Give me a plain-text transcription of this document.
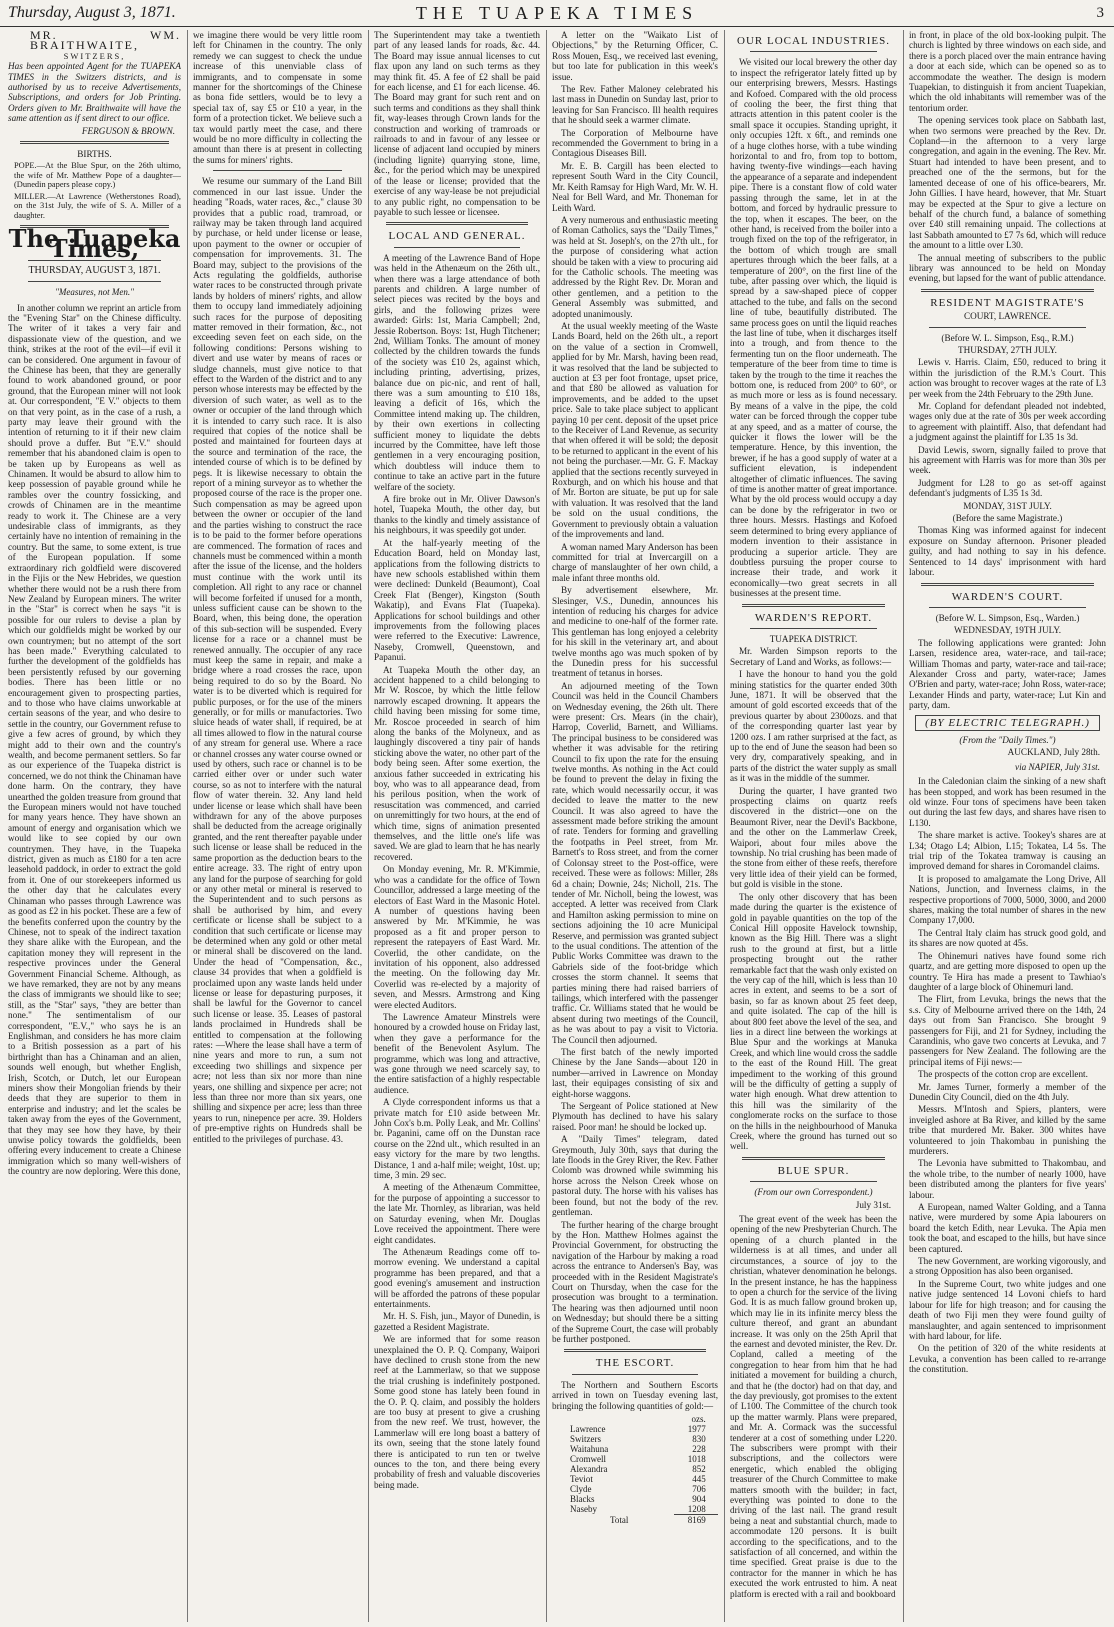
Thursday, August 3, 1871.	THE TUAPEKA TIMES	3
MR. WM. BRAITHWAITE,
SWITZERS,

Has been appointed Agent for the TUAPEKA TIMES in the Switzers districts, and is authorised by us to receive Advertisements, Subscriptions, and orders for Job Printing. Orders given to Mr. Braithwaite will have the same attention as if sent direct to our office.

FERGUSON & BROWN.
BIRTHS.

POPE.—At the Blue Spur, on the 26th ultimo, the wife of Mr. Matthew Pope of a daughter—(Dunedin papers please copy.)

MILLER.—At Lawrence (Wetherstones Road), on the 31st July, the wife of S. A. Miller of a daughter.

The Tuapeka Times,
THURSDAY, AUGUST 3, 1871.
"Measures, not Men."

In another column we reprint an article from the "Evening Star" on the Chinese difficulty. The writer of it takes a very fair and dispassionate view of the question, and we think, strikes at the root of the evil—if evil it can be considered. One argument in favour of the Chinese has been, that they are generally found to work abandoned ground, or poor ground, that the European miner will not look at. Our correspondent, "E V." objects to them on that very point, as in the case of a rush, a party may leave their ground with the intention of returning to it if their new claim should prove a duffer. But "E.V." should remember that his abandoned claim is open to be taken up by Europeans as well as Chinamen. It would be absurd to allow him to keep possession of payable ground while he rambles over the country fossicking, and crowds of Chinamen are in the meantime ready to work it. The Chinese are a very undesirable class of immigrants, as they certainly have no intention of remaining in the country. But the same, to some extent, is true of the European population. If some extraordinary rich goldfield were discovered in the Fijis or the New Hebrides, we question whether there would not be a rush there from New Zealand by European miners. The writer in the "Star" is correct when he says "it is possible for our rulers to devise a plan by which our goldfields might be worked by our own countrymen; but no attempt of the sort has been made." Everything calculated to further the development of the goldfields has been persistently refused by our governing bodies. There has been little or no encouragement given to prospecting parties, and to those who have claims unworkable at certain seasons of the year, and who desire to settle in the country, our Government refuse to give a few acres of ground, by which they might add to their own and the country's wealth, and become permanent settlers. So far as our experience of the Tuapeka district is concerned, we do not think the Chinaman have done harm. On the contrary, they have unearthed the golden treasure from ground that the European miners would not have touched for many years hence. They have shown an amount of energy and organisation which we would like to see copied by our own countrymen. They have, in the Tuapeka district, given as much as £180 for a ten acre leasehold paddock, in order to extract the gold from it. One of our storekeepers informed us the other day that he calculates every Chinaman who passes through Lawrence was as good as £2 in his pocket. These are a few of the benefits conferred upon the country by the Chinese, not to speak of the indirect taxation they share alike with the European, and the capitation money they will represent in the respective provinces under the General Government Financial Scheme. Although, as we have remarked, they are not by any means the class of immigrants we should like to see; still, as the "Star" says, "they are better than none." The sentimentalism of our correspondent, "E.V.," who says he is an Englishman, and considers he has more claim to a British possession as a part of his birthright than has a Chinaman and an alien, sounds well enough, but whether English, Irish, Scotch, or Dutch, let our European miners show their Mongolian friends by their deeds that they are superior to them in enterprise and industry; and let the scales be taken away from the eyes of the Government, that they may see how they have, by their unwise policy towards the goldfields, been offering every inducement to create a Chinese immigration which so many well-wishers of the country are now deploring. Were this done,

we imagine there would be very little room left for Chinamen in the country. The only remedy we can suggest to check the undue increase of this unenviable class of immigrants, and to compensate in some manner for the shortcomings of the Chinese as bona fide settlers, would be to levy a special tax of, say £5 or £10 a year, in the form of a protection ticket. We believe such a tax would partly meet the case, and there would be no more difficulty in collecting the amount than there is at present in collecting the sums for miners' rights.

We resume our summary of the Land Bill commenced in our last issue. Under the heading "Roads, water races, &c.," clause 30 provides that a public road, tramroad, or railway may be taken through land acquired by purchase, or held under license or lease, upon payment to the owner or occupier of compensation for improvements. 31. The Board may, subject to the provisions of the Acts regulating the goldfields, authorise water races to be constructed through private lands by holders of miners' rights, and allow them to occupy land immediately adjoining such races for the purpose of depositing matter removed in their formation, &c., not exceeding seven feet on each side, on the following conditions: Persons wishing to divert and use water by means of races or sludge channels, must give notice to that effect to the Warden of the district and to any person whose interests may be effected by the diversion of such water, as well as to the owner or occupier of the land through which it is intended to carry such race. It is also required that copies of the notice shall be posted and maintained for fourteen days at the source and termination of the race, the intended course of which is to be defined by pegs. It is likewise necessary to obtain the report of a mining surveyor as to whether the proposed course of the race is the proper one. Such compensation as may be agreed upon between the owner or occupier of the land and the parties wishing to construct the race is to be paid to the former before operations are commenced. The formation of races and channels must be commenced within a month after the issue of the license, and the holders must continue with the work until its completion. All right to any race or channel will become forfeited if unused for a month, unless sufficient cause can be shown to the Board, when, this being done, the operation of this sub-section will be suspended. Every license for a race or a channel must be renewed annually. The occupier of any race must keep the same in repair, and make a bridge where a road crosses the race, upon being required to do so by the Board. No water is to be diverted which is required for public purposes, or for the use of the miners generally, or for mills or manufactories. Two sluice heads of water shall, if required, be at all times allowed to flow in the natural course of any stream for general use. Where a race or channel crosses any water course owned or used by others, such race or channel is to be carried either over or under such water course, so as not to interfere with the natural flow of water therein. 32. Any land held under license or lease which shall have been withdrawn for any of the above purposes shall be deducted from the acreage originally granted, and the rent thereafter payable under such license or lease shall be reduced in the same proportion as the deduction bears to the entire acreage. 33. The right of entry upon any land for the purpose of searching for gold or any other metal or mineral is reserved to the Superintendent and to such persons as shall be authorised by him, and every certificate or license shall be subject to a condition that such certificate or license may be determined when any gold or other metal or mineral shall be discovered on the land. Under the head of "Compensation, &c., clause 34 provides that when a goldfield is proclaimed upon any waste lands held under license or lease for depasturing purposes, it shall be lawful for the Governor to cancel such license or lease. 35. Leases of pastoral lands proclaimed in Hundreds shall be entitled to compensation at the following rates: —Where the lease shall have a term of nine years and more to run, a sum not exceeding two shillings and sixpence per acre; not less than six nor more than nine years, one shilling and sixpence per acre; not less than three nor more than six years, one shilling and sixpence per acre; less than three years to run, ninepence per acre. 39. Holders of pre-emptive rights on Hundreds shall be entitled to the privileges of purchase. 43.

The Superintendent may take a twentieth part of any leased lands for roads, &c. 44. The Board may issue annual licenses to cut flax upon any land on such terms as they may think fit. 45. A fee of £2 shall be paid for each license, and £1 for each license. 46. The Board may grant for such rent and on such terms and conditions as they shall think fit, way-leases through Crown lands for the construction and working of tramroads or railroads to and in favour of any lessee or license of adjacent land occupied by miners (including lignite) quarrying stone, lime, &c., for the period which may be unexpired of the lease or license; provided that the exercise of any way-lease be not prejudicial to any public right, no compensation to be payable to such lessee or licensee.

LOCAL AND GENERAL.

A meeting of the Lawrence Band of Hope was held in the Athenæum on the 26th ult., when there was a large attendance of both parents and children. A large number of select pieces was recited by the boys and girls, and the following prizes were awarded: Girls: 1st, Maria Campbell; 2nd, Jessie Robertson. Boys: 1st, Hugh Titchener; 2nd, William Tonks. The amount of money collected by the children towards the funds of the society was £10 2s, against which, including printing, advertising, prizes, balance due on pic-nic, and rent of hall, there was a sum amounting to £10 18s, leaving a deficit of 16s, which the Committee intend making up. The children, by their own exertions in collecting sufficient money to liquidate the debts incurred by the Committee, have left those gentlemen in a very encouraging position, which doubtless will induce them to continue to take an active part in the future welfare of the society.

A fire broke out in Mr. Oliver Dawson's hotel, Tuapeka Mouth, the other day, but thanks to the kindly and timely assistance of his neighbours, it was speedily got under.

At the half-yearly meeting of the Education Board, held on Monday last, applications from the following districts to have new schools established within them were declined: Dunkeld (Beaumont), Coal Creek Flat (Benger), Kingston (South Wakatip), and Evans Flat (Tuapeka). Applications for school buildings and other improvements from the following places were referred to the Executive: Lawrence, Naseby, Cromwell, Queenstown, and Papanui.

At Tuapeka Mouth the other day, an accident happened to a child belonging to Mr W. Roscoe, by which the little fellow narrowly escaped drowning. It appears the child having been missing for some time, Mr. Roscoe proceeded in search of him along the banks of the Molyneux, and as laughingly discovered a tiny pair of hands sticking above the water, no other part of the body being seen. After some exertion, the anxious father succeeded in extricating his boy, who was to all appearance dead, from his perilous position, when the work of resuscitation was commenced, and carried on unremittingly for two hours, at the end of which time, signs of animation presented themselves, and the little one's life was saved. We are glad to learn that he has nearly recovered.

On Monday evening, Mr. R. M'Kimmie, who was a candidate for the office of Town Councillor, addressed a large meeting of the electors of East Ward in the Masonic Hotel. A number of questions having been answered by Mr. M'Kimmie, he was proposed as a fit and proper person to represent the ratepayers of East Ward. Mr. Coverlid, the other candidate, on the invitation of his opponent, also addressed the meeting. On the following day Mr. Coverlid was re-elected by a majority of seven, and Messrs. Armstrong and King were elected Auditors.

The Lawrence Amateur Minstrels were honoured by a crowded house on Friday last, when they gave a performance for the benefit of the Benevolent Asylum. The programme, which was long and attractive, was gone through we need scarcely say, to the entire satisfaction of a highly respectable audience.

A Clyde correspondent informs us that a private match for £10 aside between Mr. John Cox's b.m. Polly Leak, and Mr. Collins' br. Paganini, came off on the Dunstan race course on the 22nd ult., which resulted in an easy victory for the mare by two lengths. Distance, 1 and a-half mile; weight, 10st. up; time, 3 min. 29 sec.

A meeting of the Athenæum Committee, for the purpose of appointing a successor to the late Mr. Thornley, as librarian, was held on Saturday evening, when Mr. Douglas Love received the appointment. There were eight candidates.

The Athenæum Readings come off to-morrow evening. We understand a capital programme has been prepared, and that a good evening's amusement and instruction will be afforded the patrons of these popular entertainments.

Mr. H. S. Fish, jun., Mayor of Dunedin, is gazetted a Resident Magistrate.

We are informed that for some reason unexplained the O. P. Q. Company, Waipori have declined to crush stone from the new reef at the Lammerlaw, so that we suppose the trial crushing is indefinitely postponed. Some good stone has lately been found in the O. P. Q. claim, and possibly the holders are too busy at present to give a crushing from the new reef. We trust, however, the Lammerlaw will ere long boast a battery of its own, seeing that the stone lately found there is anticipated to run ten or twelve ounces to the ton, and there being every probability of fresh and valuable discoveries being made.

A letter on the "Waikato List of Objections," by the Returning Officer, C. Ross Mouen, Esq., we received last evening, but too late for publication in this week's issue.

The Rev. Father Maloney celebrated his last mass in Dunedin on Sunday last, prior to leaving for San Francisco. Ill health requires that he should seek a warmer climate.

The Corporation of Melbourne have recommended the Government to bring in a Contagious Diseases Bill.

Mr. E. B. Cargill has been elected to represent South Ward in the City Council, Mr. Keith Ramsay for High Ward, Mr. W. H. Neal for Bell Ward, and Mr. Thoneman for Leith Ward.

A very numerous and enthusiastic meeting of Roman Catholics, says the "Daily Times," was held at St. Joseph's, on the 27th ult., for the purpose of considering what action should be taken with a view to procuring aid for the Catholic schools. The meeting was addressed by the Right Rev. Dr. Moran and other gentlemen, and a petition to the General Assembly was submitted, and adopted unanimously.

At the usual weekly meeting of the Waste Lands Board, held on the 26th ult., a report on the value of a section in Cromwell, applied for by Mr. Marsh, having been read, it was resolved that the land be subjected to auction at £3 per foot frontage, upset price, and that £80 be allowed as valuation for improvements, and be added to the upset price. Sale to take place subject to applicant paying 10 per cent. deposit of the upset price to the Receiver of Land Revenue, as security that when offered it will be sold; the deposit to be returned to applicant in the event of his not being the purchaser.—Mr. G. F. Mackay applied that the sections recently surveyed in Roxburgh, and on which his house and that of Mr. Borton are situate, be put up for sale with valuation. It was resolved that the land be sold on the usual conditions, the Government to previously obtain a valuation of the improvements and land.

A woman named Mary Anderson has been committed for trial at Invercargill on a charge of manslaughter of her own child, a male infant three months old.

By advertisement elsewhere, Mr. Slesinger, V.S., Dunedin, announces his intention of reducing his charges for advice and medicine to one-half of the former rate. This gentleman has long enjoyed a celebrity for his skill in the veterinary art, and about twelve months ago was much spoken of by the Dunedin press for his successful treatment of tetanus in horses.

An adjourned meeting of the Town Council was held in the Council Chambers on Wednesday evening, the 26th ult. There were present: Crs. Mears (in the chair), Harrop, Coverlid, Barnett, and Williams. The principal business to be considered was whether it was advisable for the retiring Council to fix upon the rate for the ensuing twelve months. As nothing in the Act could be found to prevent the delay in fixing the rate, which would necessarily occur, it was decided to leave the matter to the new Council. It was also agreed to have the assessment made before striking the amount of rate. Tenders for forming and gravelling the footpaths in Peel street, from Mr. Barnett's to Ross street, and from the corner of Colonsay street to the Post-office, were received. These were as follows: Miller, 28s 6d a chain; Downie, 24s; Nicholl, 21s. The tender of Mr. Nicholl, being the lowest, was accepted. A letter was received from Clark and Hamilton asking permission to mine on sections adjoining the 10 acre Municipal Reserve, and permission was granted subject to the usual conditions. The attention of the Public Works Committee was drawn to the Gabriels side of the foot-bridge which crosses the storm channel. It seems that parties mining there had raised barriers of tailings, which interfered with the passenger traffic. Cr. Williams stated that he would be absent during two meetings of the Council, as he was about to pay a visit to Victoria. The Council then adjourned.

The first batch of the newly imported Chinese by the Jane Sands—about 120 in number—arrived in Lawrence on Monday last, their equipages consisting of six and eight-horse waggons.

The Sergeant of Police stationed at New Plymouth has declined to have his salary raised. Poor man! he should be locked up.

A "Daily Times" telegram, dated Greymouth, July 30th, says that during the late floods in the Grey River, the Rev. Father Colomb was drowned while swimming his horse across the Nelson Creek whose on pastoral duty. The horse with his valises has been found, but not the body of the rev. gentleman.

The further hearing of the charge brought by the Hon. Matthew Holmes against the Provincial Government, for obstructing the navigation of the Harbour by making a road across the entrance to Andersen's Bay, was proceeded with in the Resident Magistrate's Court on Thursday, when the case for the prosecution was brought to a termination. The hearing was then adjourned until noon on Wednesday; but should there be a sitting of the Supreme Court, the case will probably be further postponed.

THE ESCORT.

The Northern and Southern Escorts arrived in town on Tuesday evening last, bringing the following quantities of gold:—

	ozs.	
Lawrence	1977	
Switzers	830	
Waitahuna	228	
Cromwell	1018	
Alexandra	852	
Teviot	445	
Clyde	706	
Blacks	904	
Naseby	1208	
Total	8169	
OUR LOCAL INDUSTRIES.

We visited our local brewery the other day to inspect the refrigerator lately fitted up by our enterprising brewers, Messrs. Hastings and Kofoed. Compared with the old process of cooling the beer, the first thing that attracts attention in this patent cooler is the small space it occupies. Standing upright, it only occupies 12ft. x 6ft., and reminds one of a huge clothes horse, with a tube winding horizontal to and fro, from top to bottom, having twenty-five windings—each having the appearance of a separate and independent pipe. There is a constant flow of cold water passing through the same, let in at the bottom, and forced by hydraulic pressure to the top, when it escapes. The beer, on the other hand, is received from the boiler into a trough fixed on the top of the refrigerator, in the bottom of which trough are small apertures through which the beer falls, at a temperature of 200°, on the first line of the tube, after passing over which, the liquid is spread by a saw-shaped piece of copper attached to the tube, and falls on the second line of tube, beautifully distributed. The same process goes on until the liquid reaches the last line of tube, when it discharges itself into a trough, and from thence to the fermenting tun on the floor underneath. The temperature of the beer from time to time is taken by the trough to the time it reaches the bottom one, is reduced from 200° to 60°, or as much more or less as is found necessary. By means of a valve in the pipe, the cold water can be forced through the copper tube at any speed, and as a matter of course, the quicker it flows the lower will be the temperature. Hence, by this invention, the brewer, if he has a good supply of water at a sufficient elevation, is independent altogether of climatic influences. The saving of time is another matter of great importance. What by the old process would occupy a day can be done by the refrigerator in two or three hours. Messrs. Hastings and Kofoed seem determined to bring every appliance of modern invention to their assistance in producing a superior article. They are doubtless pursuing the proper course to increase their trade, and work it economically—two great secrets in all businesses at the present time.

WARDEN'S REPORT.
TUAPEKA DISTRICT.

Mr. Warden Simpson reports to the Secretary of Land and Works, as follows:—

I have the honour to hand you the gold mining statistics for the quarter ended 30th June, 1871. It will be observed that the amount of gold escorted exceeds that of the previous quarter by about 2300ozs. and that of the corresponding quarter last year by 1200 ozs. I am rather surprised at the fact, as up to the end of June the season had been so very dry, comparatively speaking, and in parts of the district the water supply as small as it was in the middle of the summer.

During the quarter, I have granted two prospecting claims on quartz reefs discovered in the district—one on the Beaumont River, near the Devil's Backbone, and the other on the Lammerlaw Creek, Waipori, about four miles above the township. No trial crushing has been made of the stone from either of these reefs, therefore very little idea of their yield can be formed, but gold is visible in the stone.

The only other discovery that has been made during the quarter is the existence of gold in payable quantities on the top of the Conical Hill opposite Havelock township, known as the Big Hill. There was a slight rush to the ground at first, but a little prospecting brought out the rather remarkable fact that the wash only existed on the very cap of the hill, which is less than 10 acres in extent, and seems to be a sort of basin, so far as known about 25 feet deep, and quite isolated. The cap of the hill is about 800 feet above the level of the sea, and lies in a direct line between the workings at Blue Spur and the workings at Manuka Creek, and which line would cross the saddle to the east of the Round Hill. The great impediment to the working of this ground will be the difficulty of getting a supply of water high enough. What drew attention to this hill was the similarity of the conglomerate rocks on the surface to those on the hills in the neighbourhood of Manuka Creek, where the ground has turned out so well.

BLUE SPUR.
(From our own Correspondent.)
July 31st.

The great event of the week has been the opening of the new Presbyterian Church. The opening of a church planted in the wilderness is at all times, and under all circumstances, a source of joy to the christian, whatever denomination he belongs. In the present instance, he has the happiness to open a church for the service of the living God. It is as much fallow ground broken up, which may lie in its infinite mercy bless the culture thereof, and grant an abundant increase. It was only on the 25th April that the earnest and devoted minister, the Rev. Dr. Copland, called a meeting of the congregation to hear from him that he had initiated a movement for building a church, and that he (the doctor) had on that day, and the day previously, got promises to the extent of L100. The Committee of the church took up the matter warmly. Plans were prepared, and Mr. A. Cormack was the successful tenderer at a cost of something under L220. The subscribers were prompt with their subscriptions, and the collectors were energetic, which enabled the obliging treasurer of the Church Committee to make matters smooth with the builder; in fact, everything was pointed to done to the driving of the last nail. The grand result being a neat and substantial church, made to accommodate 120 persons. It is built according to the specifications, and to the satisfaction of all concerned, and within the time specified. Great praise is due to the contractor for the manner in which he has executed the work entrusted to him. A neat platform is erected with a rail and bookboard

in front, in place of the old box-looking pulpit. The church is lighted by three windows on each side, and there is a porch placed over the main entrance having a door at each side, which can be opened so as to accommodate the weather. The design is modern Tuapekian, to distinguish it from ancient Tuapekian, which the old inhabitants will remember was of the tentorium order.

The opening services took place on Sabbath last, when two sermons were preached by the Rev. Dr. Copland—in the afternoon to a very large congregation, and again in the evening. The Rev. Mr. Stuart had intended to have been present, and to preached one of the the sermons, but for the lamented decease of one of his office-bearers, Mr. John Gillies. I have heard, however, that Mr. Stuart may be expected at the Spur to give a lecture on behalf of the church fund, a balance of something over £40 still remaining unpaid. The collections at last Sabbath amounted to £7 7s 6d, which will reduce the amount to a little over L30.

The annual meeting of subscribers to the public library was announced to be held on Monday evening, but lapsed for the want of public attendance.

RESIDENT MAGISTRATE'S
COURT, LAWRENCE.
(Before W. L. Simpson, Esq., R.M.)
THURSDAY, 27TH JULY.

Lewis v. Harris. Claim, £50, reduced to bring it within the jurisdiction of the R.M.'s Court. This action was brought to recover wages at the rate of L3 per week from the 24th February to the 29th June.

Mr. Copland for defendant pleaded not indebted, wages only due at the rate of 30s per week according to agreement with plaintiff. Also, that defendant had a judgment against the plaintiff for L35 1s 3d.

David Lewis, sworn, signally failed to prove that his agreement with Harris was for more than 30s per week.

Judgment for L28 to go as set-off against defendant's judgments of L35 1s 3d.

MONDAY, 31ST JULY.
(Before the same Magistrate.)

Thomas King was informed against for indecent exposure on Sunday afternoon. Prisoner pleaded guilty, and had nothing to say in his defence. Sentenced to 14 days' imprisonment with hard labour.

WARDEN'S COURT.
(Before W. L. Simpson, Esq., Warden.)
WEDNESDAY, 19TH JULY.

The following applications were granted: John Larsen, residence area, water-race, and tail-race; William Thomas and party, water-race and tail-race; Alexander Cross and party, water-race; James O'Brien and party, water-race; John Ross, water-race; Lexander Hinds and party, water-race; Lut Kin and party, dam.

(BY ELECTRIC TELEGRAPH.)
(From the "Daily Times.")
AUCKLAND, July 28th.
via NAPIER, July 31st.

In the Caledonian claim the sinking of a new shaft has been stopped, and work has been resumed in the old winze. Four tons of specimens have been taken out during the last few days, and shares have risen to L130.

The share market is active. Tookey's shares are at L34; Otago L4; Albion, L15; Tokatea, L4 5s. The trial trip of the Tokatea tramway is causing an improved demand for shares in Coromandel claims.

It is proposed to amalgamate the Long Drive, All Nations, Junction, and Inverness claims, in the respective proportions of 7000, 5000, 3000, and 2000 shares, making the total number of shares in the new Company 17,000.

The Central Italy claim has struck good gold, and its shares are now quoted at 45s.

The Ohinemuri natives have found some rich quartz, and are getting more disposed to open up the country. Te Hira has made a present to Tawhiao's daughter of a large block of Ohinemuri land.

The Flirt, from Levuka, brings the news that the s.s. City of Melbourne arrived there on the 14th, 24 days out from San Francisco. She brought 9 passengers for Fiji, and 21 for Sydney, including the Carandinis, who gave two concerts at Levuka, and 7 passengers for New Zealand. The following are the principal items of Fiji news:—

The prospects of the cotton crop are excellent.

Mr. James Turner, formerly a member of the Dunedin City Council, died on the 4th July.

Messrs. M'Intosh and Spiers, planters, were inveigled ashore at Ba River, and killed by the same tribe that murdered Mr. Baker. 300 whites have volunteered to join Thakombau in punishing the murderers.

The Levonia have submitted to Thakombau, and the whole tribe, to the number of nearly 1000, have been distributed among the planters for five years' labour.

A European, named Walter Golding, and a Tanna native, were murdered by some Apia labourers on board the ketch Edith, near Levuka. The Apia men took the boat, and escaped to the hills, but have since been captured.

The new Government, are working vigorously, and a strong Opposition has also been organised.

In the Supreme Court, two white judges and one native judge sentenced 14 Lovoni chiefs to hard labour for life for high treason; and for causing the death of two Fiji men they were found guilty of manslaughter, and again sentenced to imprisonment with hard labour, for life.

On the petition of 320 of the white residents at Levuka, a convention has been called to re-arrange the constitution.
